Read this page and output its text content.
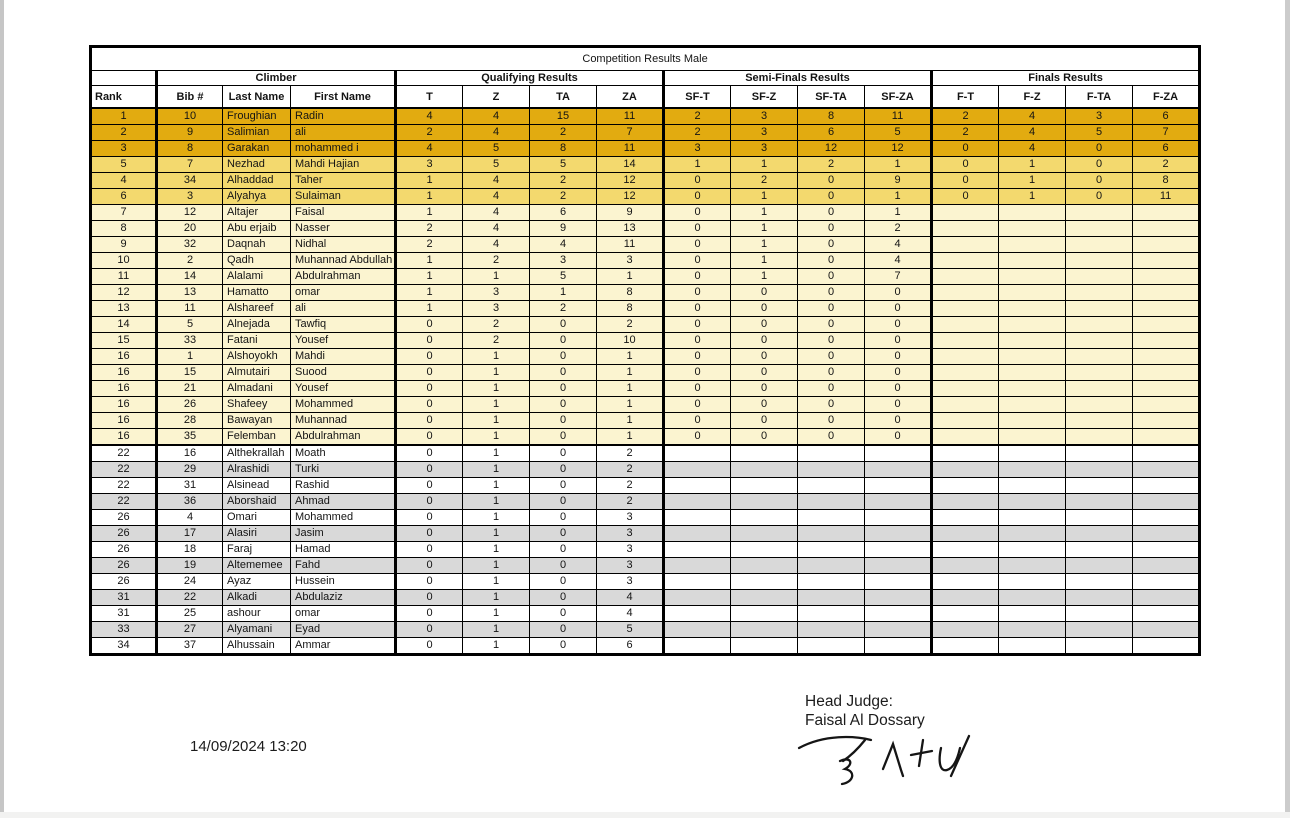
Competition Results Male															
	Climber			Qualifying Results				Semi-Finals Results				Finals Results			
Rank	Bib #	Last Name	First Name	T	Z	TA	ZA	SF-T	SF-Z	SF-TA	SF-ZA	F-T	F-Z	F-TA	F-ZA
1	10	Froughian	Radin	4	4	15	11	2	3	8	11	2	4	3	6
2	9	Salimian	ali	2	4	2	7	2	3	6	5	2	4	5	7
3	8	Garakan	mohammed i	4	5	8	11	3	3	12	12	0	4	0	6
5	7	Nezhad	Mahdi Hajian	3	5	5	14	1	1	2	1	0	1	0	2
4	34	Alhaddad	Taher	1	4	2	12	0	2	0	9	0	1	0	8
6	3	Alyahya	Sulaiman	1	4	2	12	0	1	0	1	0	1	0	11
7	12	Altajer	Faisal	1	4	6	9	0	1	0	1				
8	20	Abu erjaib	Nasser	2	4	9	13	0	1	0	2				
9	32	Daqnah	Nidhal	2	4	4	11	0	1	0	4				
10	2	Qadh	Muhannad Abdullah	1	2	3	3	0	1	0	4				
11	14	Alalami	Abdulrahman	1	1	5	1	0	1	0	7				
12	13	Hamatto	omar	1	3	1	8	0	0	0	0				
13	11	Alshareef	ali	1	3	2	8	0	0	0	0				
14	5	Alnejada	Tawfiq	0	2	0	2	0	0	0	0				
15	33	Fatani	Yousef	0	2	0	10	0	0	0	0				
16	1	Alshoyokh	Mahdi	0	1	0	1	0	0	0	0				
16	15	Almutairi	Suood	0	1	0	1	0	0	0	0				
16	21	Almadani	Yousef	0	1	0	1	0	0	0	0				
16	26	Shafeey	Mohammed	0	1	0	1	0	0	0	0				
16	28	Bawayan	Muhannad	0	1	0	1	0	0	0	0				
16	35	Felemban	Abdulrahman	0	1	0	1	0	0	0	0				
22	16	Althekrallah	Moath	0	1	0	2								
22	29	Alrashidi	Turki	0	1	0	2								
22	31	Alsinead	Rashid	0	1	0	2								
22	36	Aborshaid	Ahmad	0	1	0	2								
26	4	Omari	Mohammed	0	1	0	3								
26	17	Alasiri	Jasim	0	1	0	3								
26	18	Faraj	Hamad	0	1	0	3								
26	19	Altememee	Fahd	0	1	0	3								
26	24	Ayaz	Hussein	0	1	0	3								
31	22	Alkadi	Abdulaziz	0	1	0	4								
31	25	ashour	omar	0	1	0	4								
33	27	Alyamani	Eyad	0	1	0	5								
34	37	Alhussain	Ammar	0	1	0	6								
14/09/2024 13:20
Head Judge:
Faisal Al Dossary
